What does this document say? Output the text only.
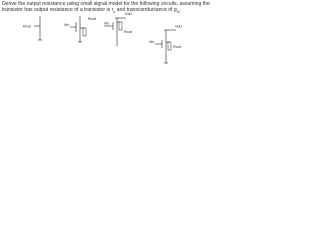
Derive the output resistance using small signal model for the following circuits, assuming the
transistor has output resistance of a transistor is $r_o$ and transconductance of $g_m$.
Rout	Vin
Rout
Vdd
Vin
Rout
Vdd
Vin
Rout
